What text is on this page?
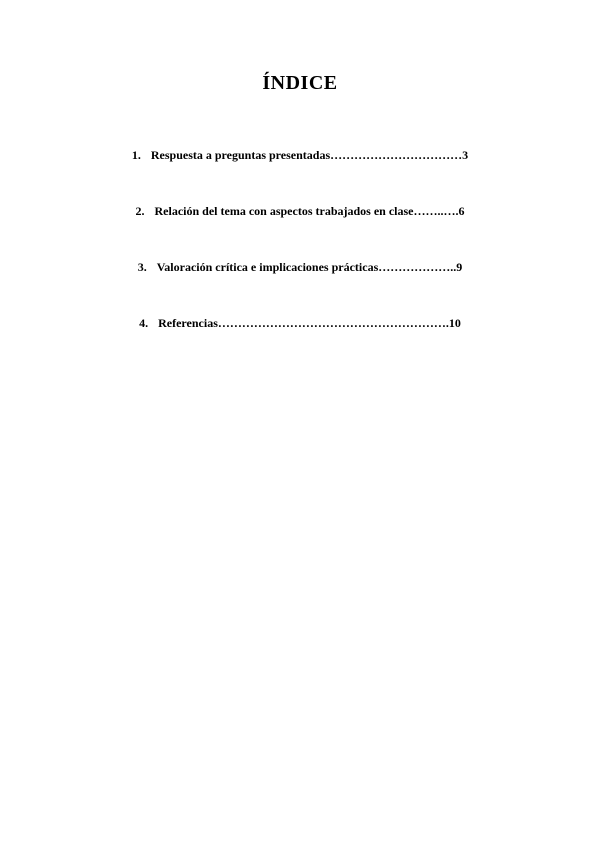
ÍNDICE
1. Respuesta a preguntas presentadas……………………………3
2. Relación del tema con aspectos trabajados en clase……..….6
3. Valoración crítica e implicaciones prácticas………………..9
4. Referencias………………………………………………….10
